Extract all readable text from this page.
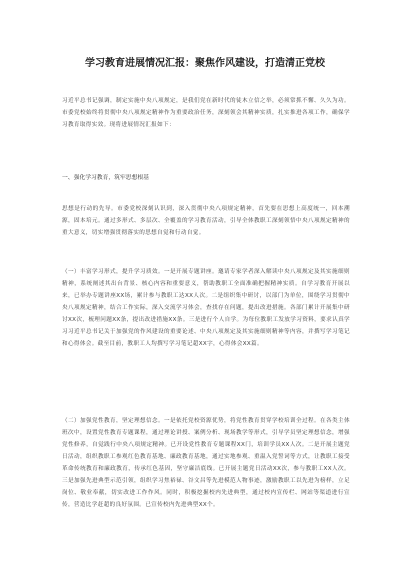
学习教育进展情况汇报：聚焦作风建设，打造清正党校

习近平总书记强调，制定实施中央八项规定，是我们党在新时代的徒木立信之举，必须常抓不懈、久久为功。市委党校始终将贯彻中央八项规定精神作为重要政治任务，深刻领会其精神实质，扎实推进各项工作，确保学习教育取得实效。现将进展情况汇报如下：

一、强化学习教育，筑牢思想根基

思想是行动的先导。市委党校深刻认识到，深入贯彻中央八项规定精神，首先要在思想上高度统一，回本溯源，固本培元。通过多形式、多层次、全覆盖的学习教育活动，引导全体教职工深刻领悟中央八项规定精神的重大意义，切实增强贯彻落实的思想自觉和行动自觉。

（一）丰富学习形式，提升学习质效。一是开展专题讲座。邀请专家学者深入解读中央八项规定及其实施细则精神，系统阐述其出台背景、核心内容和重要意义，帮助教职工全面准确把握精神实质。自学习教育开展以来，已举办专题讲座XX场，累计参与教职工达XX人次。二是组织集中研讨，以部门为单位，围绕学习贯彻中央八项规定精神，结合工作实际，深入交流学习体会，查找存在问题，提出改进措施。各部门累计开展集中研讨XX次，梳理问题XX条，提出改进措施XX条。三是进行个人自学。为每位教职工发放学习资料，要求认真学习习近平总书记关于加强党的作风建设的重要论述、中央八项规定及其实施细则精神等内容，并撰写学习笔记和心得体会。截至目前，教职工人均撰写学习笔记超XX字，心得体会XX篇。

（二）加强党性教育，坚定理想信念。一是依托党校资源优势，将党性教育贯穿学校培训全过程。在各类主体班次中，设置党性教育专题课程，通过理论讲授、案例分析、现场教学等形式，引导学员坚定理想信念，增强党性修养，自觉践行中央八项规定精神。已开设党性教育专题课程XX门，培训学员XX人次。二是开展主题党日活动，组织教职工参观红色教育基地、廉政教育基地，通过实地参观、重温入党誓词等方式，让教职工接受革命传统教育和廉政教育，传承红色基因，坚守廉洁底线。已开展主题党日活动XX次，参与教职工XX人次。三是加强先进典型示范引领，组织学习焦裕禄、谷文昌等先进模范人物事迹，激励教职工以先进为榜样，立足岗位、敬业奉献，切实改进工作作风。同时，积极挖掘校内先进典型，通过校内宣传栏、网站等渠道进行宣传，营造比学赶超的良好氛围。已宣传校内先进典型XX个。
